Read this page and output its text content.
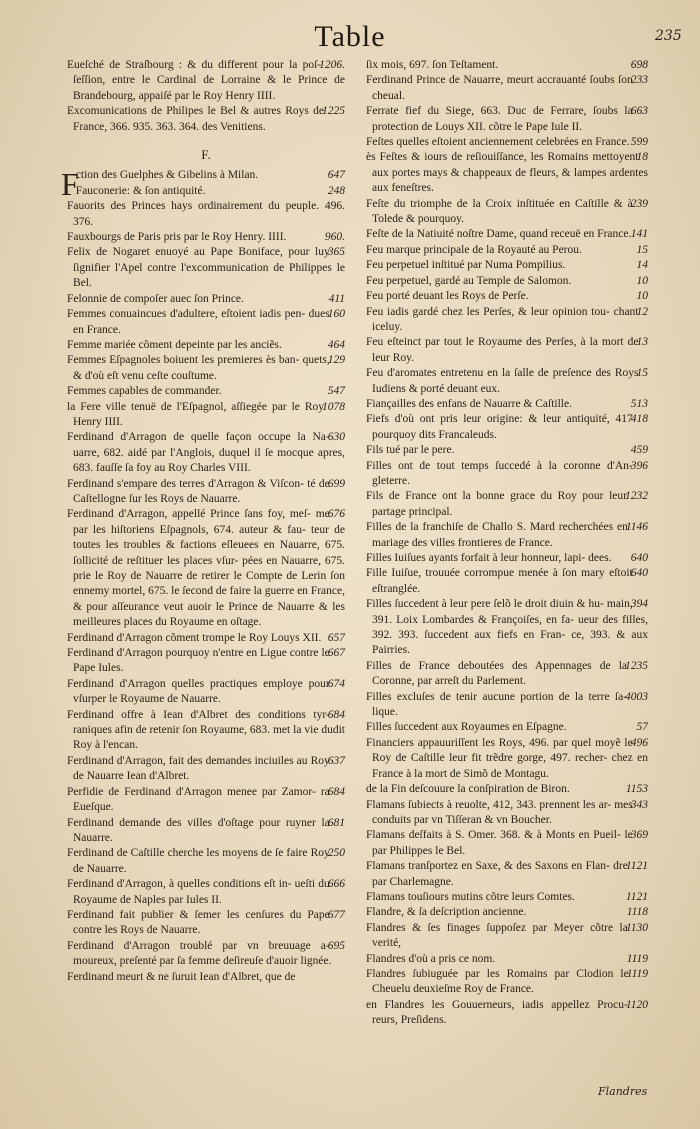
Table	235

1206.
Eueſché de Straſbourg : & du different pour la poſ- ſeſſion, entre le Cardinal de Lorraine & le Prince de Brandebourg, appaiſé par le Roy Henry IIII.

1225
Excomunications de Philipes le Bel & autres Roys de France, 366. 935. 363. 364. des Venitiens.

F.

647
F
ction des Guelphes & Gibelins à Milan.

248
Fauconerie: & ſon antiquité.

Fauorits des Princes hays ordinairement du peuple. 496. 376.

960.
Fauxbourgs de Paris pris par le Roy Henry. IIII.

365
Felix de Nogaret enuoyé au Pape Boniface, pour luy ſignifier l'Apel contre l'excommunication de Philippes le Bel.

411
Felonnie de compoſer auec ſon Prince.

160
Femmes conuaincues d'adultere, eſtoient iadis pen- dues en France.

464
Femme mariée cõment depeinte par les anciẽs.

129
Femmes Eſpagnoles boiuent les premieres ès ban- quets, & d'où eſt venu ceſte couſtume.

547
Femmes capables de commander.

1078
la Fere ville tenuë de l'Eſpagnol, aſſiegée par le Roy Henry IIII.

630
Ferdinand d'Arragon de quelle façon occupe la Na- uarre, 682. aidé par l'Anglois, duquel il ſe mocque apres, 683. fauſſe ſa foy au Roy Charles VIII.

699
Ferdinand s'empare des terres d'Arragon & Viſcon- té de Caſtellogne ſur les Roys de Nauarre.

676
Ferdinand d'Arragon, appellé Prince ſans foy, meſ- me par les hiſtoriens Eſpagnols, 674. auteur & fau- teur de toutes les troubles & factions eſleuees en Nauarre, 675. ſollicité de reſtituer les places vſur- pées en Nauarre, 675. prie le Roy de Nauarre de retirer le Compte de Lerin ſon ennemy mortel, 675. le ſecond de faire la guerre en France, & pour aſſeurance veut auoir le Prince de Nauarre & les meilleures places du Royaume en oſtage.

657
Ferdinand d'Arragon cõment trompe le Roy Louys XII.

667
Ferdinand d'Arragon pourquoy n'entre en Ligue contre le Pape Iules.

674
Ferdinand d'Arragon quelles practiques employe pour vſurper le Royaume de Nauarre.

684
Ferdinand offre à Iean d'Albret des conditions tyr- raniques afin de retenir ſon Royaume, 683. met la vie dudit Roy à l'encan.

637
Ferdinand d'Arragon, fait des demandes inciuiles au Roy de Nauarre Iean d'Albret.

684
Perfidie de Ferdinand d'Arragon menee par Zamor- ra Eueſque.

681
Ferdinand demande des villes d'oſtage pour ruyner la Nauarre.

250
Ferdinand de Caſtille cherche les moyens de ſe faire Roy de Nauarre.

666
Ferdinand d'Arragon, à quelles conditions eſt in- ueſti du Royaume de Naples par Iules II.

677
Ferdinand fait publier & ſemer les cenſures du Pape contre les Roys de Nauarre.

695
Ferdinand d'Arragon troublé par vn breuuage a- moureux, preſenté par ſa femme deſireuſe d'auoir lignée.

Ferdinand meurt & ne ſuruit Iean d'Albret, que de

698
ſix mois, 697. ſon Teſtament.

233
Ferdinand Prince de Nauarre, meurt accrauanté ſoubs ſon cheual.

663
Ferrate fief du Siege, 663. Duc de Ferrare, ſoubs la protection de Louys XII. cõtre le Pape Iule II.

599
Feſtes quelles eſtoient anciennement celebrées en France.

18
ès Feſtes & iours de reſiouiſſance, les Romains mettoyent aux portes mays & chappeaux de fleurs, & lampes ardentes aux feneſtres.

239
Feſte du triomphe de la Croix inſtituée en Caſtille & à Tolede & pourquoy.

141
Feſte de la Natiuité noſtre Dame, quand receuë en France.

15
Feu marque principale de la Royauté au Perou.

14
Feu perpetuel inſtitué par Numa Pompilius.

10
Feu perpetuel, gardé au Temple de Salomon.

10
Feu porté deuant les Roys de Perſe.

12
Feu iadis gardé chez les Perſes, & leur opinion tou- chant iceluy.

13
Feu eſteinct par tout le Royaume des Perſes, à la mort de leur Roy.

15
Feu d'aromates entretenu en la ſalle de preſence des Roys Iudiens & porté deuant eux.

513
Fiançailles des enfans de Nauarre & Caſtille.

418
Fiefs d'où ont pris leur origine: & leur antiquité, 417 pourquoy dits Francaleuds.

459
Fils tué par le pere.

396
Filles ont de tout temps ſuccedé à la coronne d'An- gleterre.

1232
Fils de France ont la bonne grace du Roy pour leur partage principal.

1146
Filles de la franchiſe de Challo S. Mard recherchées en mariage des villes frontieres de France.

640
Filles Iuiſues ayants forfait à leur honneur, lapi- dees.

640
Fille Iuiſue, trouuée corrompue menée à ſon mary eſtoit eſtranglée.

394
Filles ſuccedent à leur pere ſelõ le droit diuin & hu- main, 391. Loix Lombardes & Françoiſes, en fa- ueur des filles, 392. 393. ſuccedent aux fiefs en Fran- ce, 393. & aux Pairries.

1235
Filles de France deboutées des Appennages de la Coronne, par arreſt du Parlement.

4003
Filles excluſes de tenir aucune portion de la terre ſa- lique.

57
Filles ſuccedent aux Royaumes en Eſpagne.

496
Financiers appauuriſſent les Roys, 496. par quel moyẽ le Roy de Caſtille leur fit trẽdre gorge, 497. recher- chez en France à la mort de Simõ de Montagu.

1153
de la Fin deſcouure la conſpiration de Biron.

343
Flamans ſubiects à reuolte, 412, 343. prennent les ar- mes conduits par vn Tiſſeran & vn Boucher.

369
Flamans deſfaits à S. Omer. 368. & à Monts en Pueil- le par Philippes le Bel.

1121
Flamans tranſportez en Saxe, & des Saxons en Flan- dre par Charlemagne.

1121
Flamans touſiours mutins cõtre leurs Comtes.

1118
Flandre, & ſa deſcription ancienne.

1130
Flandres & ſes finages ſuppoſez par Meyer cõtre la verité,

1119
Flandres d'où a pris ce nom.

1119
Flandres ſubiuguée par les Romains par Clodion le Cheuelu deuxieſme Roy de France.

1120
en Flandres les Gouuerneurs, iadis appellez Procu- reurs, Preſidens.

Flandres
